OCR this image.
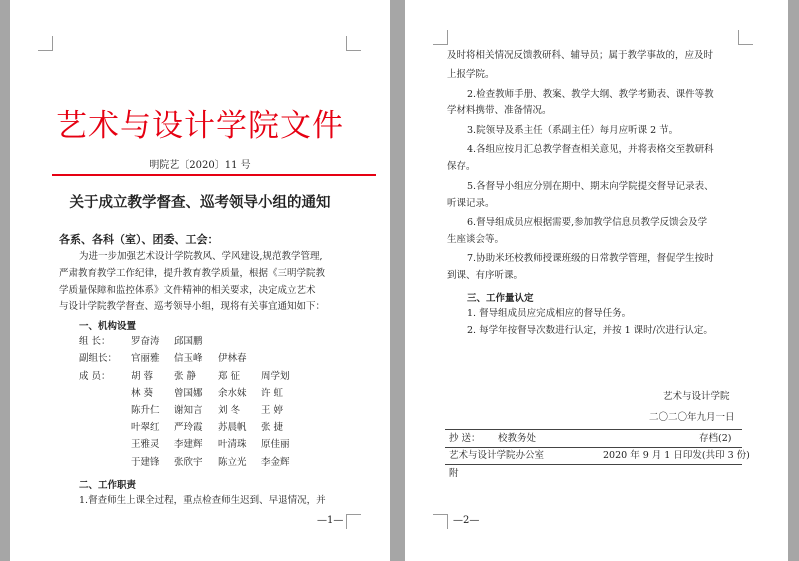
艺术与设计学院文件
明院艺〔2020〕11 号
关于成立教学督查、巡考领导小组的通知
各系、各科（室）、团委、工会：
为进一步加强艺术设计学院教风、学风建设,规范教学管理,
严肃教育教学工作纪律，提升教育教学质量，根据《三明学院教
学质量保障和监控体系》文件精神的相关要求，决定成立艺术
与设计学院教学督查、巡考领导小组，现将有关事宜通知如下：
一、机构设置
组 长： 罗奋涛 邱国鹏
副组长： 官丽雅 信玉峰 伊林春
成 员： 胡 蓉 张 静 郑 征 周学划
林 葵 曾国娜 余水妹 许 虹
陈升仁 谢知言 刘 冬 王 婷
叶翠红 严玲霞 苏晨帆 张 捷
王雅灵 李建辉 叶清珠 原佳丽
于建锋 张欣宇 陈立光 李金辉
二、工作职责
1.督查师生上课全过程，重点检查师生迟到、早退情况，并
—1—
及时将相关情况反馈教研科、辅导员；属于教学事故的，应及时
上报学院。
2.检查教师手册、教案、教学大纲、教学考勤表、课件等教
学材料携带、准备情况。
3.院领导及系主任（系副主任）每月应听课 2 节。
4.各组应按月汇总教学督查相关意见，并将表格交至教研科
保存。
5.各督导小组应分别在期中、期末向学院提交督导记录表、
听课记录。
6.督导组成员应根据需要,参加教学信息员教学反馈会及学
生座谈会等。
7.协助米坯校教师授课班级的日常教学管理，督促学生按时
到课、有序听课。
三、工作量认定
1. 督导组成员应完成相应的督导任务。
2. 每学年按督导次数进行认定，并按 1 课时/次进行认定。
艺术与设计学院
二〇二〇年九月一日
抄 送： 校教务处	存档(2)
艺术与设计学院办公室	2020 年 9 月 1 日印发(共印 3 份)
附
—2—
